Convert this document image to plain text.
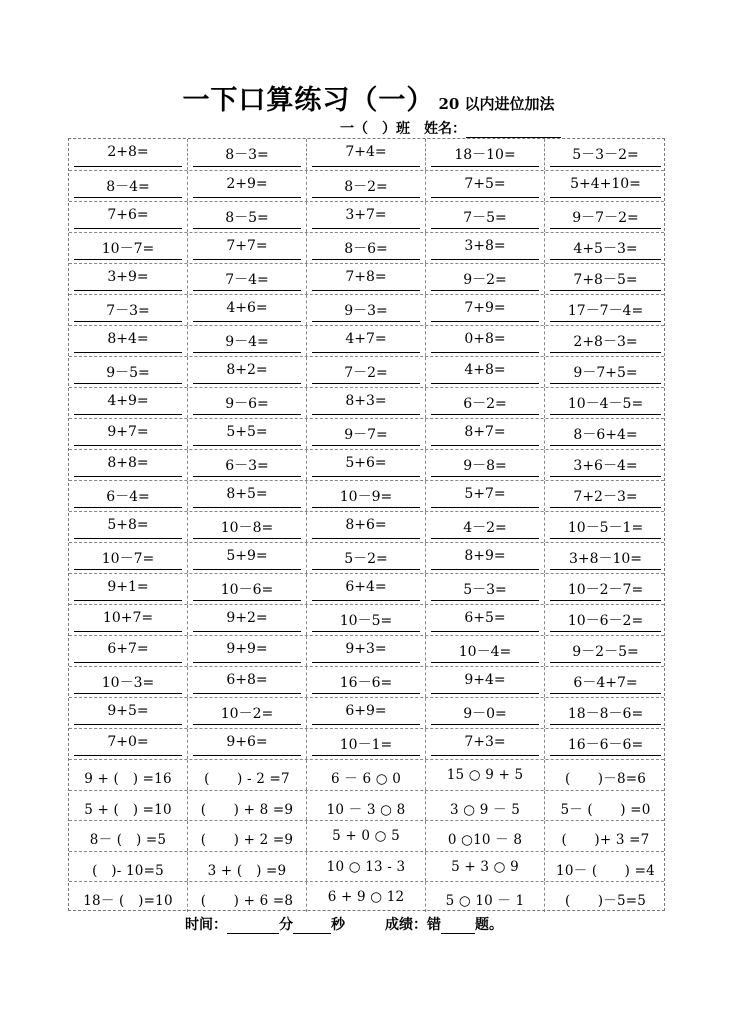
一下口算练习（一） 20 以内进位加法
一（　）班　姓名：
2+8=	8－3=	7+4=	18－10=	5－3－2=
8－4=	2+9=	8－2=	7+5=	5+4+10=
7+6=	8－5=	3+7=	7－5=	9－7－2=
10－7=	7+7=	8－6=	3+8=	4+5－3=
3+9=	7－4=	7+8=	9－2=	7+8－5=
7－3=	4+6=	9－3=	7+9=	17－7－4=
8+4=	9－4=	4+7=	0+8=	2+8－3=
9－5=	8+2=	7－2=	4+8=	9－7+5=
4+9=	9－6=	8+3=	6－2=	10－4－5=
9+7=	5+5=	9－7=	8+7=	8－6+4=
8+8=	6－3=	5+6=	9－8=	3+6－4=
6－4=	8+5=	10－9=	5+7=	7+2－3=
5+8=	10－8=	8+6=	4－2=	10－5－1=
10－7=	5+9=	5－2=	8+9=	3+8－10=
9+1=	10－6=	6+4=	5－3=	10－2－7=
10+7=	9+2=	10－5=	6+5=	10－6－2=
6+7=	9+9=	9+3=	10－4=	9－2－5=
10－3=	6+8=	16－6=	9+4=	6－4+7=
9+5=	10－2=	6+9=	9－0=	18－8－6=
7+0=	9+6=	10－1=	7+3=	16－6－6=
9 + (　) =16	(　　) - 2 =7	6 － 6 ○ 0	15 ○ 9 + 5	(　　)－8=6
5 + (　) =10	(　　) + 8 =9	10 － 3 ○ 8	3 ○ 9 － 5	5－ (　　) =0
8－ (　) =5	(　　) + 2 =9	5 + 0 ○ 5	0 ○10 － 8	(　　)+ 3 =7
(　)- 10=5	3 + (　) =9	10 ○ 13 - 3	5 + 3 ○ 9	10－ (　　) =4
18－ (　)=10	(　　) + 6 =8	6 + 9 ○ 12	5 ○ 10 － 1	(　　)－5=5
时间：	分	秒	成绩：错 题。
